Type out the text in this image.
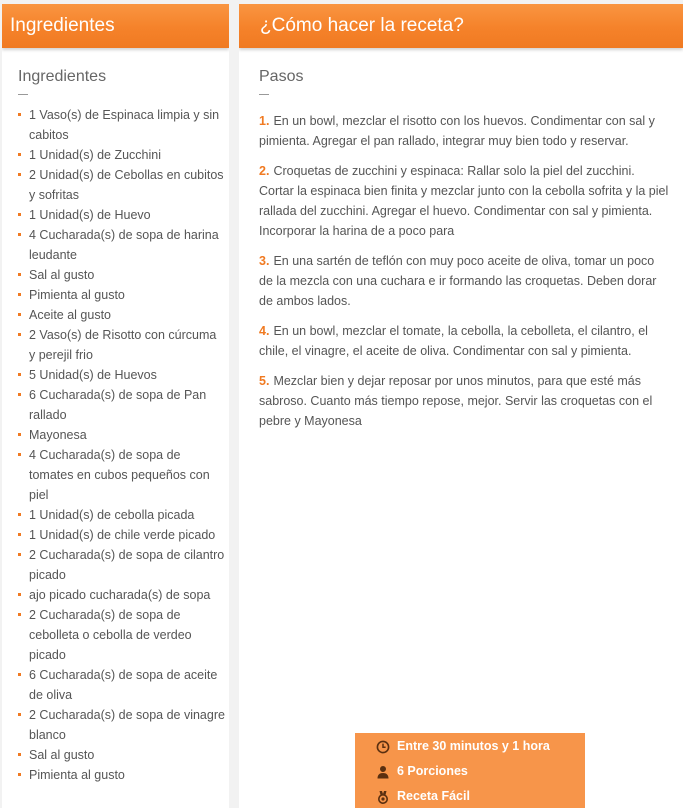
Ingredientes
Ingredientes
1 Vaso(s) de Espinaca limpia y sin cabitos
1 Unidad(s) de Zucchini
2 Unidad(s) de Cebollas en cubitos y sofritas
1 Unidad(s) de Huevo
4 Cucharada(s) de sopa de harina leudante
Sal al gusto
Pimienta al gusto
Aceite al gusto
2 Vaso(s) de Risotto con cúrcuma y perejil frio
5 Unidad(s) de Huevos
6 Cucharada(s) de sopa de Pan rallado
Mayonesa
4 Cucharada(s) de sopa de tomates en cubos pequeños con piel
1 Unidad(s) de cebolla picada
1 Unidad(s) de chile verde picado
2 Cucharada(s) de sopa de cilantro picado
ajo picado cucharada(s) de sopa
2 Cucharada(s) de sopa de cebolleta o cebolla de verdeo picado
6 Cucharada(s) de sopa de aceite de oliva
2 Cucharada(s) de sopa de vinagre blanco
Sal al gusto
Pimienta al gusto
¿Cómo hacer la receta?
Pasos

1. En un bowl, mezclar el risotto con los huevos. Condimentar con sal y pimienta. Agregar el pan rallado, integrar muy bien todo y reservar.

2. Croquetas de zucchini y espinaca: Rallar solo la piel del zucchini. Cortar la espinaca bien finita y mezclar junto con la cebolla sofrita y la piel rallada del zucchini. Agregar el huevo. Condimentar con sal y pimienta. Incorporar la harina de a poco para

3. En una sartén de teflón con muy poco aceite de oliva, tomar un poco de la mezcla con una cuchara e ir formando las croquetas. Deben dorar de ambos lados.

4. En un bowl, mezclar el tomate, la cebolla, la cebolleta, el cilantro, el chile, el vinagre, el aceite de oliva. Condimentar con sal y pimienta.

5. Mezclar bien y dejar reposar por unos minutos, para que esté más sabroso. Cuanto más tiempo repose, mejor. Servir las croquetas con el pebre y Mayonesa

Entre 30 minutos y 1 hora
6 Porciones
Receta Fácil
